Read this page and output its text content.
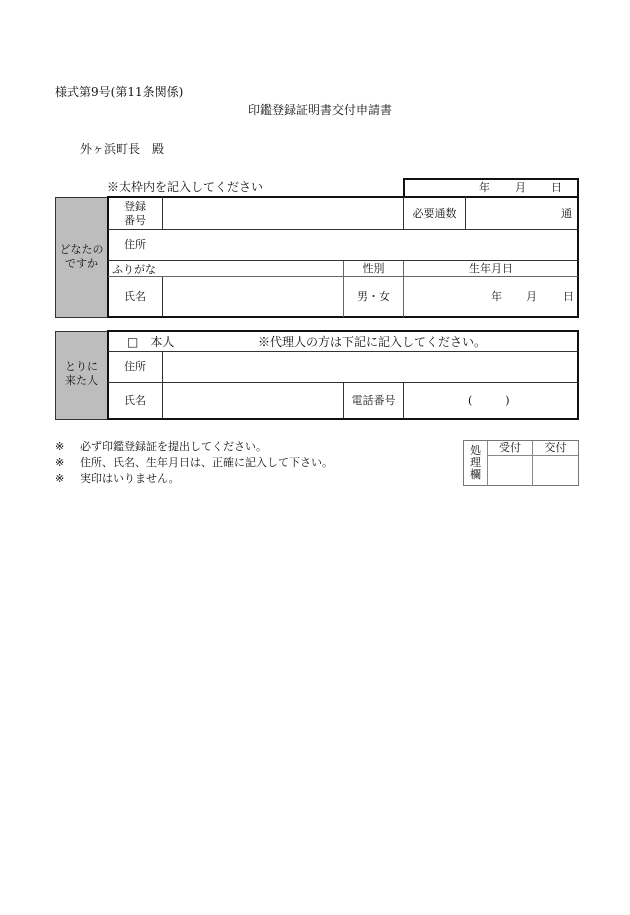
様式第9号(第11条関係)
印鑑登録証明書交付申請書
外ヶ浜町長　殿
※太枠内を記入してください	年 月 日
どなたの
ですか
登録
番号
必要通数	通
住所
ふりがな	性別	生年月日
氏名	男・女	年 月 日
とりに
来た人
□　本人	※代理人の方は下記に記入してください。
住所
氏名	電話番号	(　　　)
※ 必ず印鑑登録証を提出してください。
※ 住所、氏名、生年月日は、正確に記入して下さい。
※ 実印はいりません。
処
理
欄
受付	交付
